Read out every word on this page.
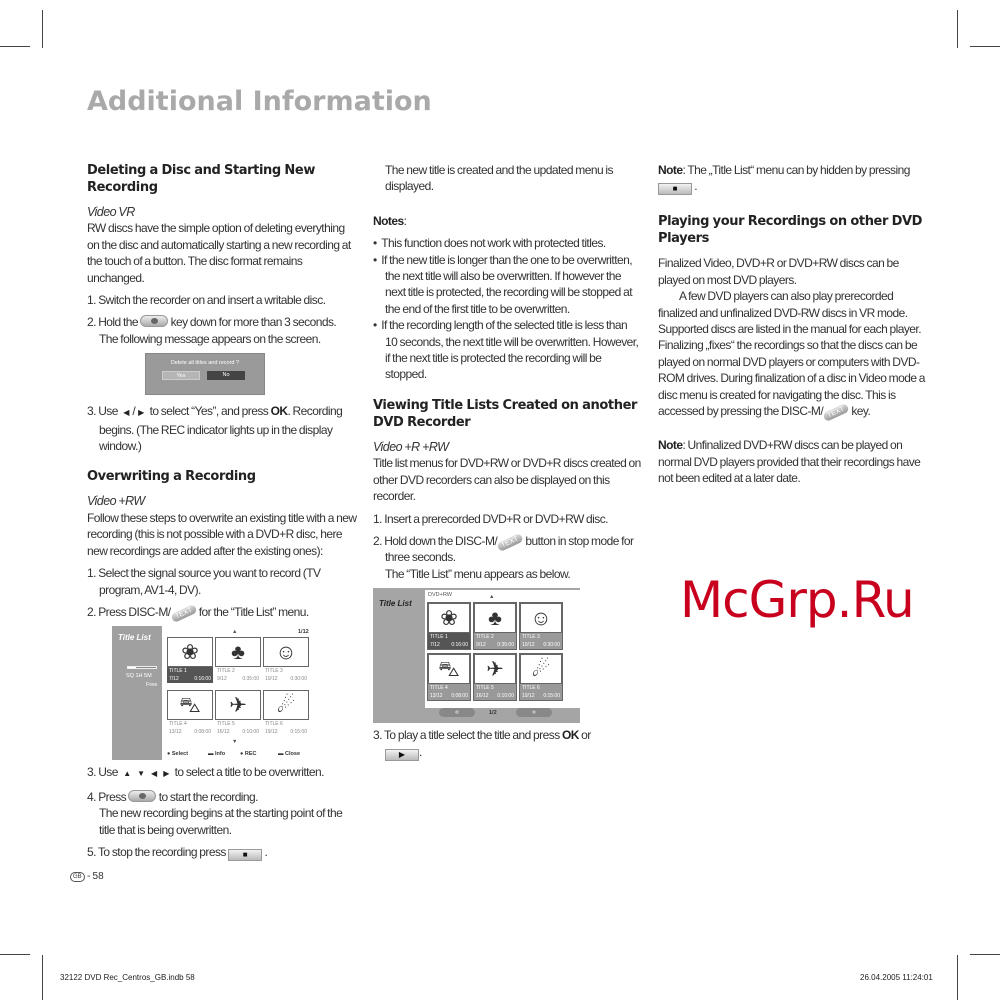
Additional Information
Deleting a Disc and Starting New Recording
Video VR
RW discs have the simple option of deleting everything on the disc and automatically starting a new recording at the touch of a button. The disc format remains unchanged.
1. Switch the recorder on and insert a writable disc.
2. Hold the	key down for more than 3 seconds.
The following message appears on the screen.
Delete all titles and record ?
Yes	No
3. Use ◀ / ▶ to select “Yes”, and press OK. Recording begins. (The REC indicator lights up in the display window.)
Overwriting a Recording
Video +RW
Follow these steps to overwrite an existing title with a new recording (this is not possible with a DVD+R disc, here new recordings are added after the existing ones):
1. Select the signal source you want to record (TV program, AV1-4, DV).
2. Press DISC-M/ TEXT for the “Title List” menu.
Title List
SQ 1H 5M
Free
1/12
▲
▼
● Select	▬ Info	● REC	▬ Close
❀
TITLE 1
7/12	0:16:00
♣
TITLE 2
9/12	0:35:00
☺
TITLE 3
10/12	0:30:00
⛍
TITLE 4
13/12	0:08:00
✈
TITLE 5
16/12	0:10:00
☄
TITLE 6
19/12	0:15:00
3. Use ▲ ▼ ◀ ▶ to select a title to be overwritten.
4. Press	to start the recording.
The new recording begins at the starting point of the title that is being overwritten.
5. To stop the recording press ■ .
GB - 58
The new title is created and the updated menu is displayed.
Notes:
•  This function does not work with protected titles.
•  If the new title is longer than the one to be overwritten, the next title will also be overwritten. If however the next title is protected, the recording will be stopped at the end of the first title to be overwritten.
•  If the recording length of the selected title is less than 10 seconds, the next title will be overwritten. However, if the next title is protected the recording will be stopped.
Viewing Title Lists Created on another DVD Recorder
Video +R +RW
Title list menus for DVD+RW or DVD+R discs created on other DVD recorders can also be displayed on this recorder.
1. Insert a prerecorded DVD+R or DVD+RW disc.
2. Hold down the DISC-M/ TEXT button in stop mode for three seconds.
The “Title List” menu appears as below.
Title List
DVD+RW	▲
«	1/2	»
❀
TITLE 1
7/12 0:16:00
♣
TITLE 2
9/12 0:35:00
☺
TITLE 3
10/12 0:30:00
⛍
TITLE 4
13/12 0:08:00
✈
TITLE 5
16/12 0:10:00
☄
TITLE 6
19/12 0:15:00
3. To play a title select the title and press OK or
▶ .
Note: The „Title List“ menu can by hidden by pressing ■ .
Playing your Recordings on other DVD Players
Finalized Video, DVD+R or DVD+RW discs can be played on most DVD players.
A few DVD players can also play prerecorded finalized and unfinalized DVD-RW discs in VR mode. Supported discs are listed in the manual for each player. Finalizing „fixes“ the recordings so that the discs can be played on normal DVD players or computers with DVD-ROM drives. During finalization of a disc in Video mode a disc menu is created for navigating the disc. This is accessed by pressing the DISC-M/ TEXT key.
Note: Unfinalized DVD+RW discs can be played on normal DVD players provided that their recordings have not been edited at a later date.
McGrp.Ru
32122 DVD Rec_Centros_GB.indb 58	26.04.2005 11:24:01
